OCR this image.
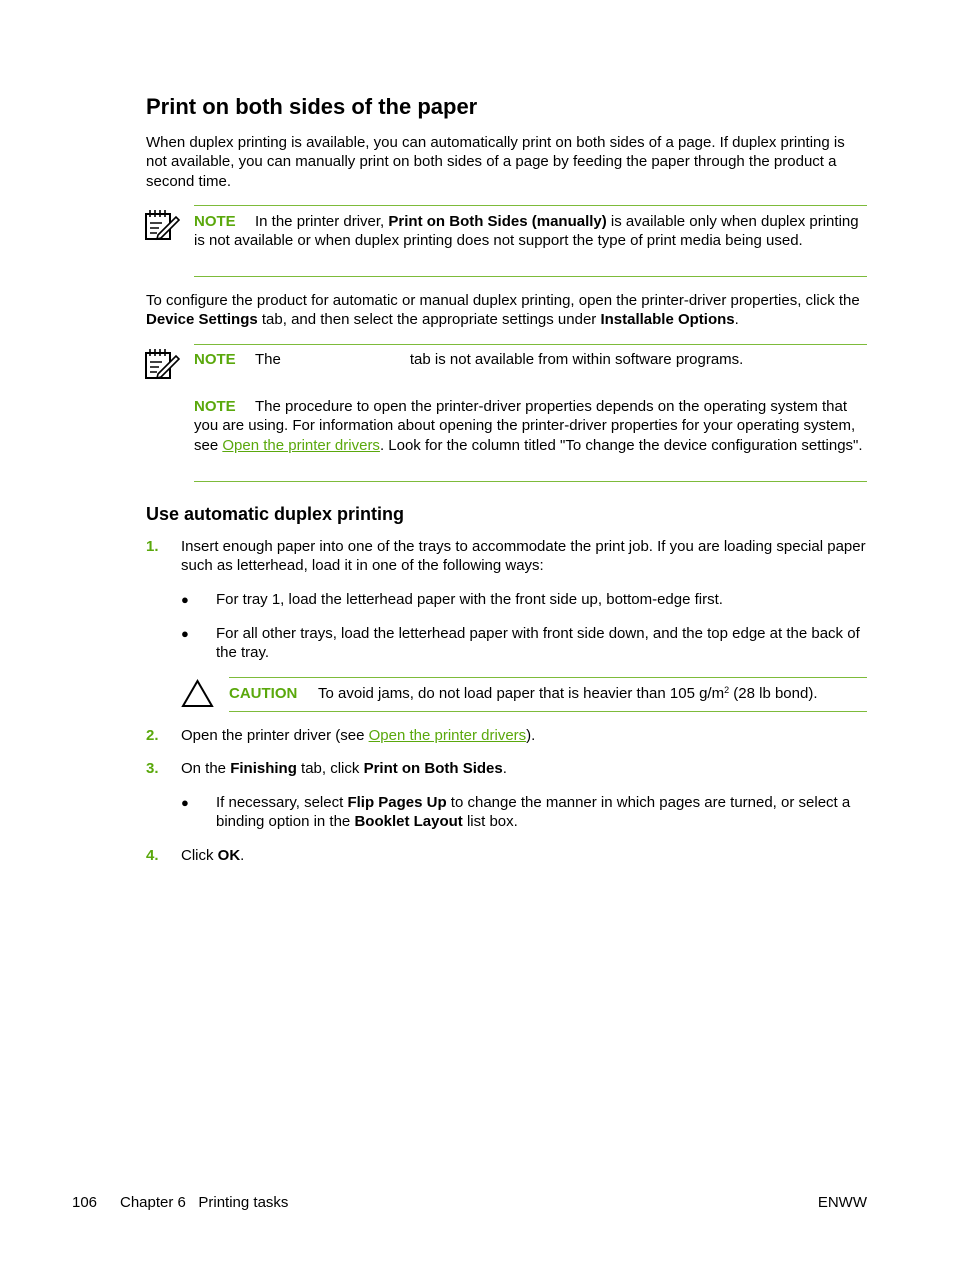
Print on both sides of the paper

When duplex printing is available, you can automatically print on both sides of a page. If duplex printing is not available, you can manually print on both sides of a page by feeding the paper through the product a second time.

NOTE In the printer driver, Print on Both Sides (manually) is available only when duplex printing is not available or when duplex printing does not support the type of print media being used.

To configure the product for automatic or manual duplex printing, open the printer-driver properties, click the Device Settings tab, and then select the appropriate settings under Installable Options.

NOTE The	tab is not available from within software programs.

NOTE The procedure to open the printer-driver properties depends on the operating system that you are using. For information about opening the printer-driver properties for your operating system, see Open the printer drivers. Look for the column titled "To change the device configuration settings".

Use automatic duplex printing
1. Insert enough paper into one of the trays to accommodate the print job. If you are loading special paper such as letterhead, load it in one of the following ways:

● For tray 1, load the letterhead paper with the front side up, bottom-edge first.

● For all other trays, load the letterhead paper with front side down, and the top edge at the back of the tray.

CAUTION To avoid jams, do not load paper that is heavier than 105 $g/m^2$ (28 lb bond).

2. Open the printer driver (see Open the printer drivers).

3. On the Finishing tab, click Print on Both Sides.

● If necessary, select Flip Pages Up to change the manner in which pages are turned, or select a binding option in the Booklet Layout list box.

4. Click OK.

106 Chapter 6   Printing tasks	ENWW
